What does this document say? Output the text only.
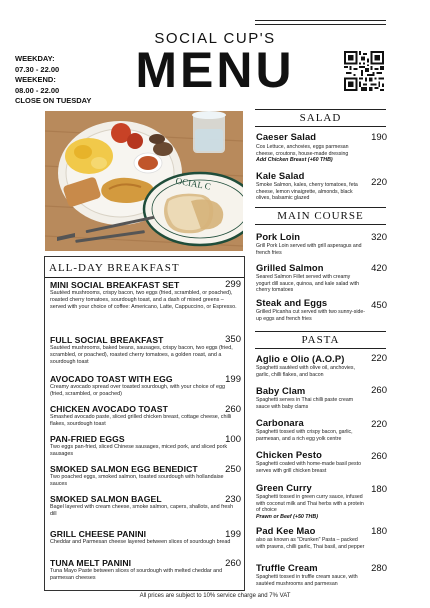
SOCIAL CUP'S
MENU
WEEKDAY:
07.30 - 22.00
WEEKEND:
08.00 - 22.00
CLOSE ON TUESDAY
OCIAL C
ALL-DAY BREAKFAST
MINI SOCIAL BREAKFAST SET
Sautéed mushrooms, crispy bacon, two eggs (fried, scrambled, or poached), roasted cherry tomatoes, sourdough toast, and a dash of mixed greens – served with your choice of coffee: Americano, Latte, Cappuccino, or Espresso.
299
FULL SOCIAL BREAKFAST
Sautéed mushrooms, baked beans, sausages, crispy bacon, two eggs (fried, scrambled, or poached), roasted cherry tomatoes, a golden roast, and a sourdough toast
350
AVOCADO TOAST WITH EGG
Creamy avocado spread over toasted sourdough, with your choice of egg (fried, scrambled, or poached)
199
CHICKEN AVOCADO TOAST
Smashed avocado paste, sliced grilled chicken breast, cottage cheese, chilli flakes, sourdough toast
260
PAN-FRIED EGGS
Two eggs pan-fried, sliced Chinese sausages, miced pork, and sliced pork sausages
100
SMOKED SALMON EGG BENEDICT
Two poached eggs, smoked salmon, toasted sourdough with hollandaise sauces
250
SMOKED SALMON BAGEL
Bagel layered with cream cheese, smoke salmon, capers, shallots, and fresh dill
230
GRILL CHEESE PANINI
Cheddar and Parmesan cheese layered between slices of sourdough bread
199
TUNA MELT PANINI
Tuna Mayo Paste between slices of sourdough with melted cheddar and parmesan cheeses
260
SALAD
Caeser Salad
Cos Lettuce, anchovies, eggs parmesan cheese, croutons, house-made dressing
Add Chicken Breast (+60 THB)
190
Kale Salad
Smoke Salmon, kales, cherry tomatoes, feta cheese, lemon vinaigrette, almonds, black olives, balsamic glazed
220
MAIN COURSE
Pork Loin
Grill Pork Loin served with grill asperagus and french fries
320
Grilled Salmon
Seared Salmon Fillet served with creamy yogurt dill sauce, quinoa, and kale salad with cherry tomatoes
420
Steak and Eggs
Grilled Picanha cut served with two sunny-side-up eggs and french fries
450
PASTA
Aglio e Olio (A.O.P)
Spaghetti sautéed with olive oil, anchovies, garlic, chilli flakes, and bacon
220
Baby Clam
Spaghetti serves in Thai chilli paste cream sauce with baby clams
260
Carbonara
Spaghetti tossed with crispy bacon, garlic, parmesan, and a rich egg yolk centre
220
Chicken Pesto
Spaghetti coated with home-made basil pesto serves with grill chicken breast
260
Green Curry
Spaghetti tossed in green curry sauce, infused with coconut milk and Thai herbs with a protein of choice
Prawn or Beef (+50 THB)
180
Pad Kee Mao
also as known as "Drunken" Pasta – packed with prawns, chilli garlic, Thai basil, and pepper
180
Truffle Cream
Spaghetti tossed in truffle cream sauce, with sautéed mushrooms and parmesan
280
All prices are subject to 10% service charge and 7% VAT
